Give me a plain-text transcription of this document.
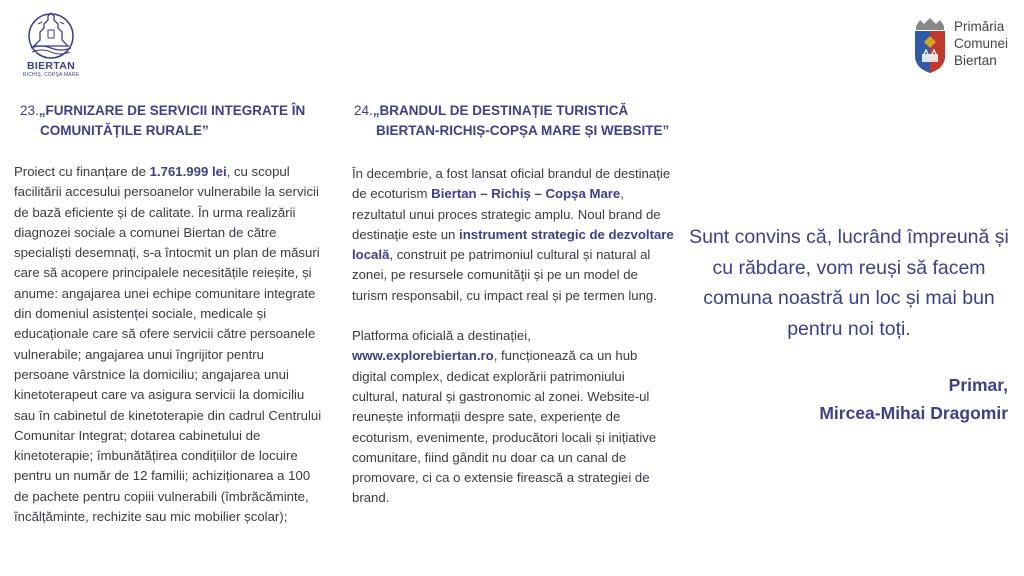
BIERTAN
RICHIȘ, COPȘA MARE
Primăria
Comunei
Biertan
23.„FURNIZARE DE SERVICII INTEGRATE ÎN
COMUNITĂȚILE RURALE”

Proiect cu finanțare de 1.761.999 lei, cu scopul facilitării accesului persoanelor vulnerabile la servicii de bază eficiente și de calitate. În urma realizării diagnozei sociale a comunei Biertan de către specialiști desemnați, s-a întocmit un plan de măsuri care să acopere principalele necesitățile reieșite, și anume: angajarea unei echipe comunitare integrate din domeniul asistenței sociale, medicale și educaționale care să ofere servicii către persoanele vulnerabile; angajarea unui îngrijitor pentru persoane vârstnice la domiciliu; angajarea unui kinetoterapeut care va asigura servicii la domiciliu sau în cabinetul de kinetoterapie din cadrul Centrului Comunitar Integrat; dotarea cabinetului de kinetoterapie; îmbunătățirea condițiilor de locuire pentru un număr de 12 familii; achiziționarea a 100 de pachete pentru copiii vulnerabili (îmbrăcăminte, încălțăminte, rechizite sau mic mobilier școlar);

24.„BRANDUL DE DESTINAȚIE TURISTICĂ
BIERTAN-RICHIȘ-COPȘA MARE ȘI WEBSITE”

În decembrie, a fost lansat oficial brandul de destinație de ecoturism Biertan – Richiș – Copșa Mare, rezultatul unui proces strategic amplu. Noul brand de destinație este un instrument strategic de dezvoltare locală, construit pe patrimoniul cultural și natural al zonei, pe resursele comunității și pe un model de turism responsabil, cu impact real și pe termen lung.

Platforma oficială a destinației, www.explorebiertan.ro, funcționează ca un hub digital complex, dedicat explorării patrimoniului cultural, natural și gastronomic al zonei. Website-ul reunește informații despre sate, experiențe de ecoturism, evenimente, producători locali și inițiative comunitare, fiind gândit nu doar ca un canal de promovare, ci ca o extensie firească a strategiei de brand.

Sunt convins că, lucrând împreună și cu răbdare, vom reuși să facem comuna noastră un loc și mai bun pentru noi toți.
Primar,
Mircea-Mihai Dragomir
